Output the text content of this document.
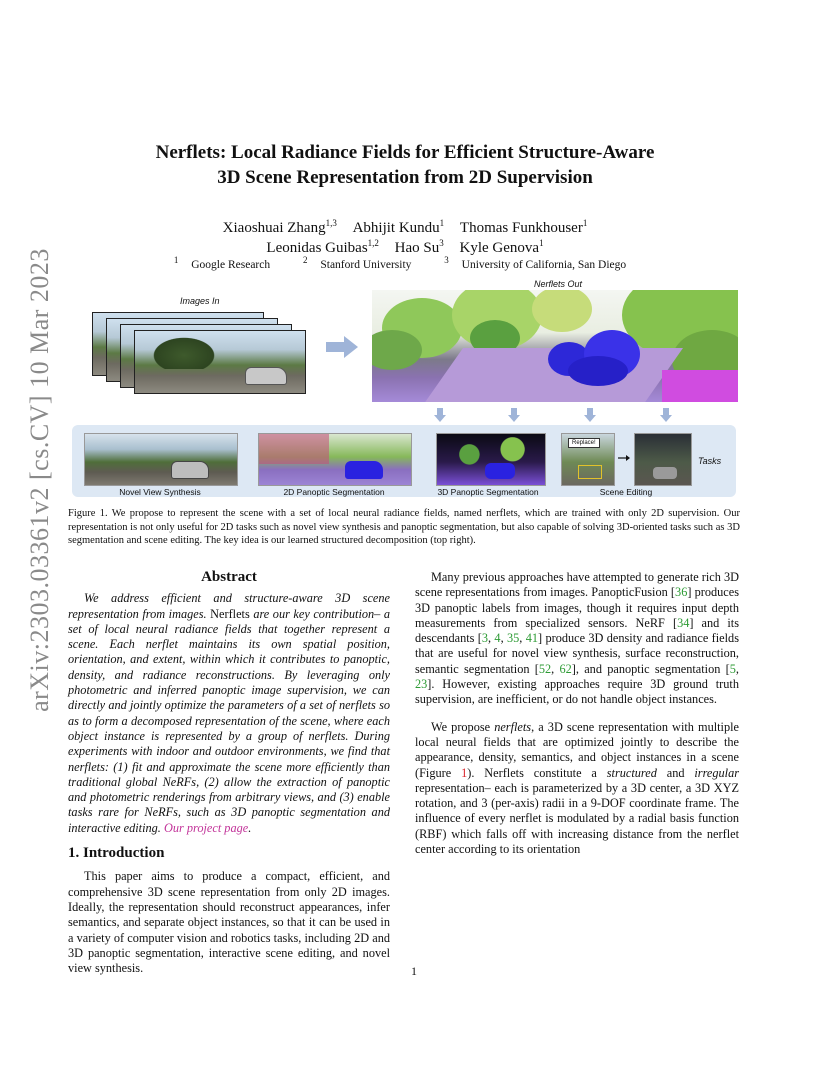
arXiv:2303.03361v2 [cs.CV] 10 Mar 2023
Nerflets: Local Radiance Fields for Efficient Structure-Aware
3D Scene Representation from 2D Supervision
Xiaoshuai Zhang$^{1,3}$ Abhijit Kundu$^1$ Thomas Funkhouser$^1$
Leonidas Guibas$^{1,2}$ Hao Su$^3$ Kyle Genova$^1$
$^1$ Google Research	$^2$ Stanford University	$^3$ University of California, San Diego
Images In
Nerflets Out
Replace!
Tasks
Novel View Synthesis	2D Panoptic Segmentation	3D Panoptic Segmentation	Scene Editing
Figure 1. We propose to represent the scene with a set of local neural radiance fields, named nerflets, which are trained with only 2D supervision. Our representation is not only useful for 2D tasks such as novel view synthesis and panoptic segmentation, but also capable of solving 3D-oriented tasks such as 3D segmentation and scene editing. The key idea is our learned structured decomposition (top right).
Abstract

We address efficient and structure-aware 3D scene representation from images. Nerflets are our key contribution– a set of local neural radiance fields that together represent a scene. Each nerflet maintains its own spatial position, orientation, and extent, within which it contributes to panoptic, density, and radiance reconstructions. By leveraging only photometric and inferred panoptic image supervision, we can directly and jointly optimize the parameters of a set of nerflets so as to form a decomposed representation of the scene, where each object instance is represented by a group of nerflets. During experiments with indoor and outdoor environments, we find that nerflets: (1) fit and approximate the scene more efficiently than traditional global NeRFs, (2) allow the extraction of panoptic and photometric renderings from arbitrary views, and (3) enable tasks rare for NeRFs, such as 3D panoptic segmentation and interactive editing. Our project page.

1. Introduction

This paper aims to produce a compact, efficient, and comprehensive 3D scene representation from only 2D images. Ideally, the representation should reconstruct appearances, infer semantics, and separate object instances, so that it can be used in a variety of computer vision and robotics tasks, including 2D and 3D panoptic segmentation, interactive scene editing, and novel view synthesis.

Many previous approaches have attempted to generate rich 3D scene representations from images. PanopticFusion [36] produces 3D panoptic labels from images, though it requires input depth measurements from specialized sensors. NeRF [34] and its descendants [3, 4, 35, 41] produce 3D density and radiance fields that are useful for novel view synthesis, surface reconstruction, semantic segmentation [52, 62], and panoptic segmentation [5, 23]. However, existing approaches require 3D ground truth supervision, are inefficient, or do not handle object instances.

We propose nerflets, a 3D scene representation with multiple local neural fields that are optimized jointly to describe the appearance, density, semantics, and object instances in a scene (Figure 1). Nerflets constitute a structured and irregular representation– each is parameterized by a 3D center, a 3D XYZ rotation, and 3 (per-axis) radii in a 9-DOF coordinate frame. The influence of every nerflet is modulated by a radial basis function (RBF) which falls off with increasing distance from the nerflet center according to its orientation

1
